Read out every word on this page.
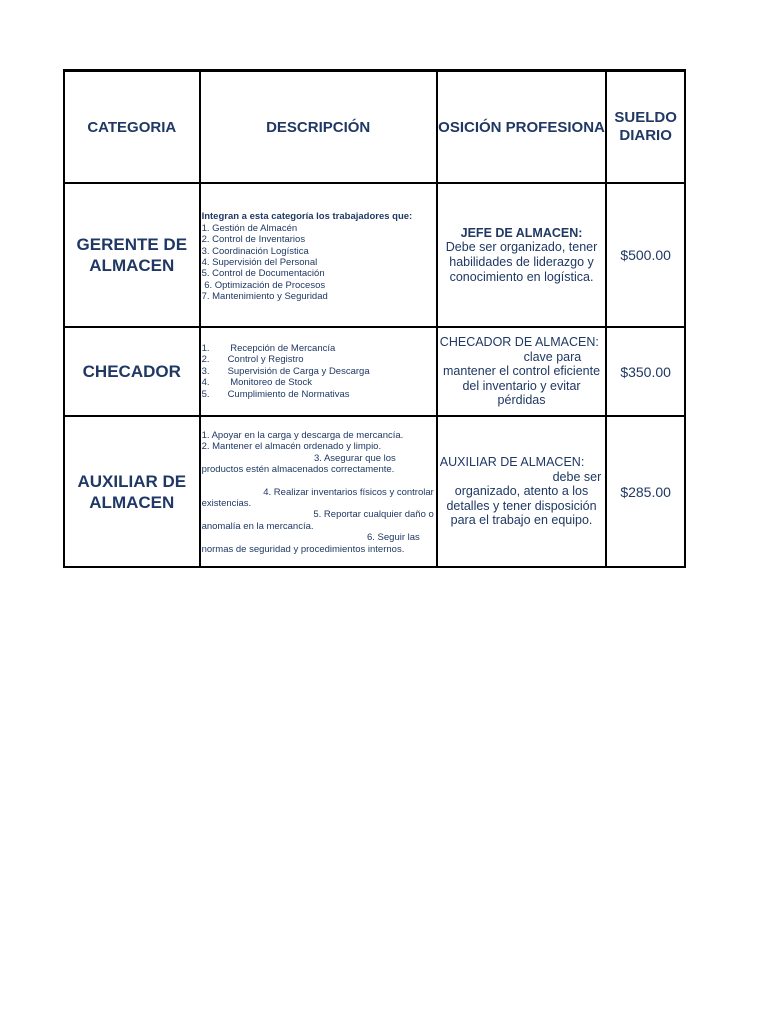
CATEGORIA	DESCRIPCIÓN	OSICIÓN PROFESIONA
SUELDO
DIARIO
GERENTE DE
ALMACEN
Integran a esta categoría los trabajadores que:
1. Gestión de Almacén
2. Control de Inventarios
3. Coordinación Logística
4. Supervisión del Personal
5. Control de Documentación
6. Optimización de Procesos
7. Mantenimiento y Seguridad
JEFE DE ALMACEN:
Debe ser organizado, tener habilidades de liderazgo y conocimiento en logística.
$500.00
CHECADOR
1. Recepción de Mercancía
2. Control y Registro
3. Supervisión de Carga y Descarga
4. Monitoreo de Stock
5. Cumplimiento de Normativas
CHECADOR DE ALMACEN:
clave para
mantener el control eficiente del inventario y evitar pérdidas
$350.00
AUXILIAR DE
ALMACEN
1. Apoyar en la carga y descarga de mercancía.
2. Mantener el almacén ordenado y limpio.
3. Asegurar que los
productos estén almacenados correctamente.
4. Realizar inventarios físicos y controlar
existencias.
5. Reportar cualquier daño o
anomalía en la mercancía.
6. Seguir las
normas de seguridad y procedimientos internos.
AUXILIAR DE ALMACEN:
debe ser
organizado, atento a los detalles y tener disposición para el trabajo en equipo.
$285.00
